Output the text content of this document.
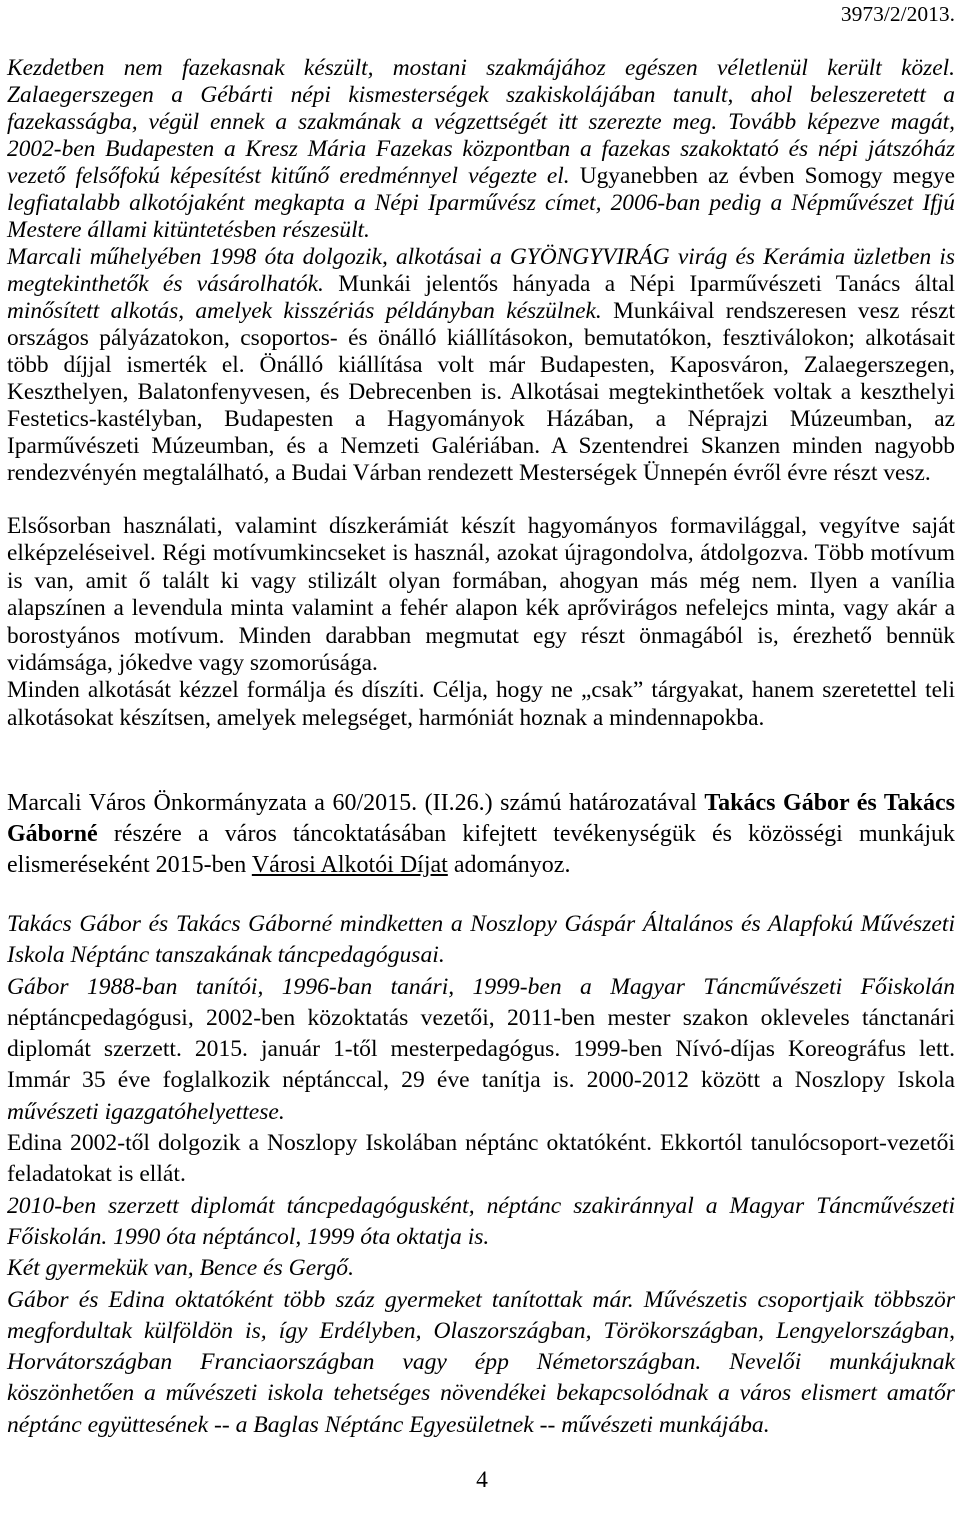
3973/2/2013.
Kezdetben nem fazekasnak készült, mostani szakmájához egészen véletlenül került közel.
Zalaegerszegen a Gébárti népi kismesterségek szakiskolájában tanult, ahol beleszeretett a
fazekasságba, végül ennek a szakmának a végzettségét itt szerezte meg. Tovább képezve magát,
2002-ben Budapesten a Kresz Mária Fazekas központban a fazekas szakoktató és népi játszóház
vezető felsőfokú képesítést kitűnő eredménnyel végezte el. Ugyanebben az évben Somogy megye
legfiatalabb alkotójaként megkapta a Népi Iparművész címet, 2006-ban pedig a Népművészet Ifjú
Mestere állami kitüntetésben részesült.
Marcali műhelyében 1998 óta dolgozik, alkotásai a GYÖNGYVIRÁG virág és Kerámia üzletben is
megtekinthetők és vásárolhatók. Munkái jelentős hányada a Népi Iparművészeti Tanács által
minősített alkotás, amelyek kisszériás példányban készülnek. Munkáival rendszeresen vesz részt
országos pályázatokon, csoportos- és önálló kiállításokon, bemutatókon, fesztiválokon; alkotásait
több díjjal ismerték el. Önálló kiállítása volt már Budapesten, Kaposváron, Zalaegerszegen,
Keszthelyen, Balatonfenyvesen, és Debrecenben is. Alkotásai megtekinthetőek voltak a keszthelyi
Festetics-kastélyban, Budapesten a Hagyományok Házában, a Néprajzi Múzeumban, az
Iparművészeti Múzeumban, és a Nemzeti Galériában. A Szentendrei Skanzen minden nagyobb
rendezvényén megtalálható, a Budai Várban rendezett Mesterségek Ünnepén évről évre részt vesz.
Elsősorban használati, valamint díszkerámiát készít hagyományos formavilággal, vegyítve saját
elképzeléseivel. Régi motívumkincseket is használ, azokat újragondolva, átdolgozva. Több motívum
is van, amit ő talált ki vagy stilizált olyan formában, ahogyan más még nem. Ilyen a vanília
alapszínen a levendula minta valamint a fehér alapon kék aprővirágos nefelejcs minta, vagy akár a
borostyános motívum. Minden darabban megmutat egy részt önmagából is, érezhető bennük
vidámsága, jókedve vagy szomorúsága.
Minden alkotását kézzel formálja és díszíti. Célja, hogy ne „csak” tárgyakat, hanem szeretettel teli
alkotásokat készítsen, amelyek melegséget, harmóniát hoznak a mindennapokba.
Marcali Város Önkormányzata a 60/2015. (II.26.) számú határozatával Takács Gábor és Takács
Gáborné részére a város táncoktatásában kifejtett tevékenységük és közösségi munkájuk
elismeréseként 2015-ben Városi Alkotói Díjat adományoz.
Takács Gábor és Takács Gáborné mindketten a Noszlopy Gáspár Általános és Alapfokú Művészeti
Iskola Néptánc tanszakának táncpedagógusai.
Gábor 1988-ban tanítói, 1996-ban tanári, 1999-ben a Magyar Táncművészeti Főiskolán
néptáncpedagógusi, 2002-ben közoktatás vezetői, 2011-ben mester szakon okleveles tánctanári
diplomát szerzett. 2015. január 1-től mesterpedagógus. 1999-ben Nívó-díjas Koreográfus lett.
Immár 35 éve foglalkozik néptánccal, 29 éve tanítja is. 2000-2012 között a Noszlopy Iskola
művészeti igazgatóhelyettese.
Edina 2002-től dolgozik a Noszlopy Iskolában néptánc oktatóként. Ekkortól tanulócsoport-vezetői
feladatokat is ellát.
2010-ben szerzett diplomát táncpedagógusként, néptánc szakiránnyal a Magyar Táncművészeti
Főiskolán. 1990 óta néptáncol, 1999 óta oktatja is.
Két gyermekük van, Bence és Gergő.
Gábor és Edina oktatóként több száz gyermeket tanítottak már. Művészetis csoportjaik többször
megfordultak külföldön is, így Erdélyben, Olaszországban, Törökországban, Lengyelországban,
Horvátországban Franciaországban vagy épp Németországban. Nevelői munkájuknak
köszönhetően a művészeti iskola tehetséges növendékei bekapcsolódnak a város elismert amatőr
néptánc együttesének -- a Baglas Néptánc Egyesületnek -- művészeti munkájába.
4
